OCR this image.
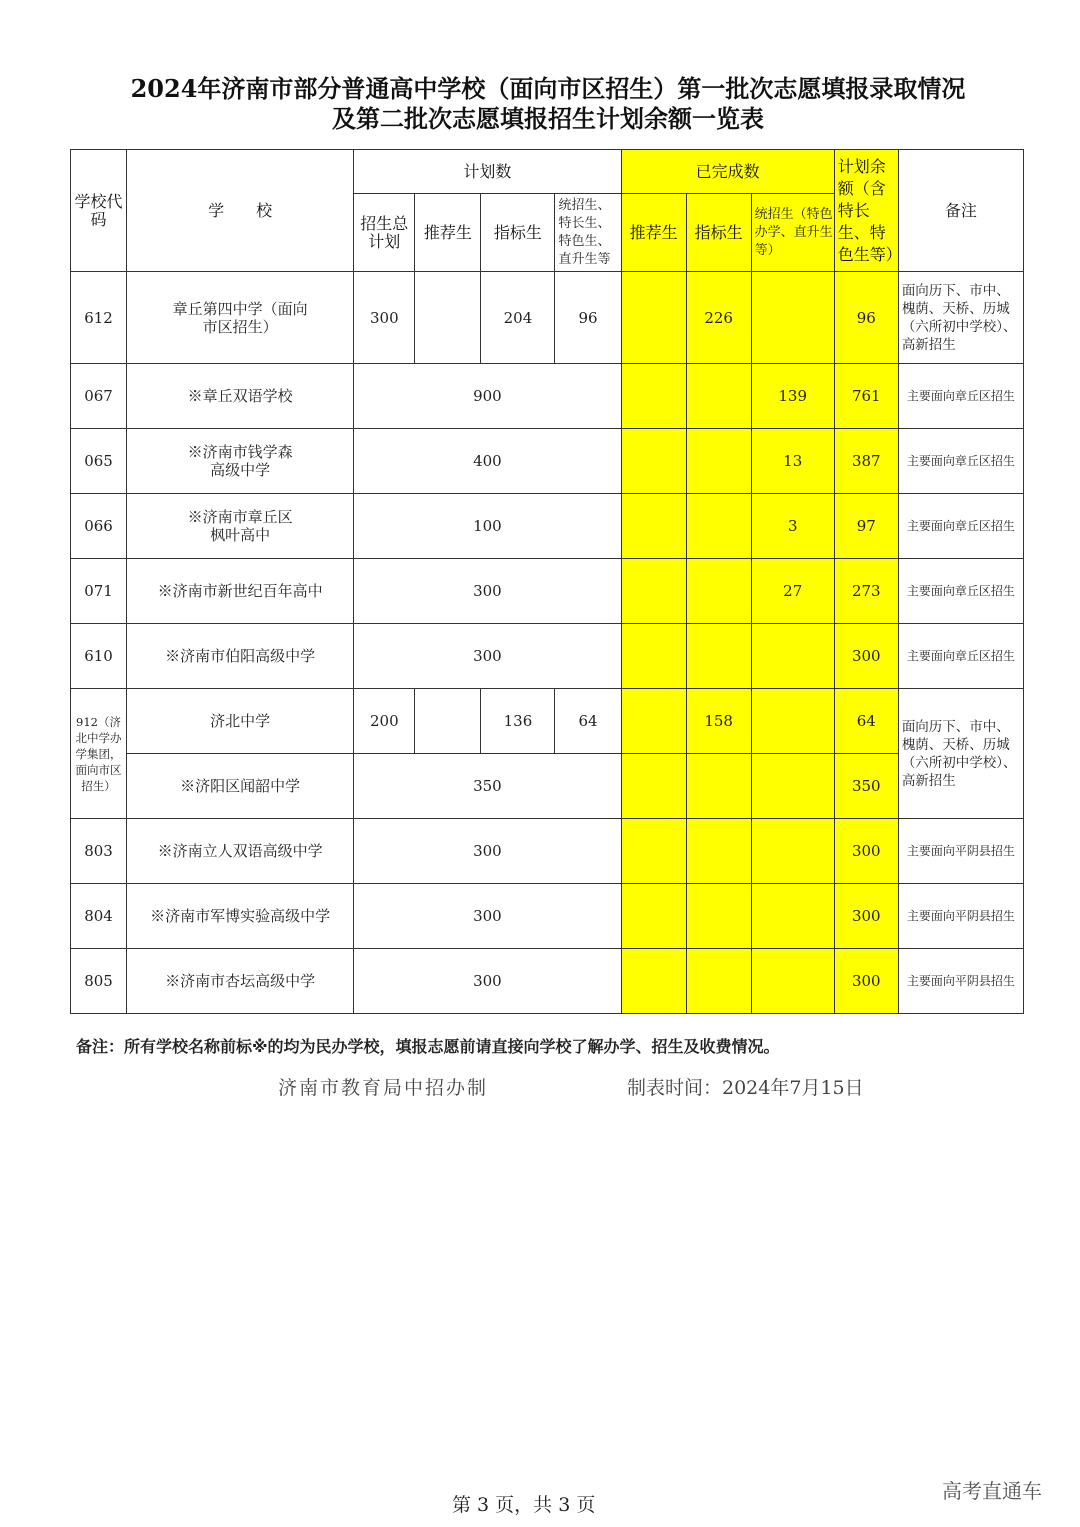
2024年济南市部分普通高中学校（面向市区招生）第一批次志愿填报录取情况
及第二批次志愿填报招生计划余额一览表
学校代码	学　　校	计划数				已完成数			计划余额（含特长生、特色生等）	备注
		招生总计划	推荐生	指标生	统招生、特长生、特色生、直升生等	推荐生	指标生	统招生（特色办学、直升生等）		
612	章丘第四中学（面向市区招生）	300		204	96		226		96	面向历下、市中、槐荫、天桥、历城（六所初中学校）、高新招生
067	※章丘双语学校	900						139	761	主要面向章丘区招生
065	※济南市钱学森高级中学	400						13	387	主要面向章丘区招生
066	※济南市章丘区枫叶高中	100						3	97	主要面向章丘区招生
071	※济南市新世纪百年高中	300						27	273	主要面向章丘区招生
610	※济南市伯阳高级中学	300							300	主要面向章丘区招生
912（济北中学办学集团，面向市区招生）	济北中学	200		136	64		158		64	面向历下、市中、槐荫、天桥、历城（六所初中学校）、高新招生
	※济阳区闻韶中学	350							350	
803	※济南立人双语高级中学	300							300	主要面向平阴县招生
804	※济南市军博实验高级中学	300							300	主要面向平阴县招生
805	※济南市杏坛高级中学	300							300	主要面向平阴县招生
备注：所有学校名称前标※的均为民办学校，填报志愿前请直接向学校了解办学、招生及收费情况。
济南市教育局中招办制	制表时间：2024年7月15日
第 3 页，共 3 页
高考直通车
